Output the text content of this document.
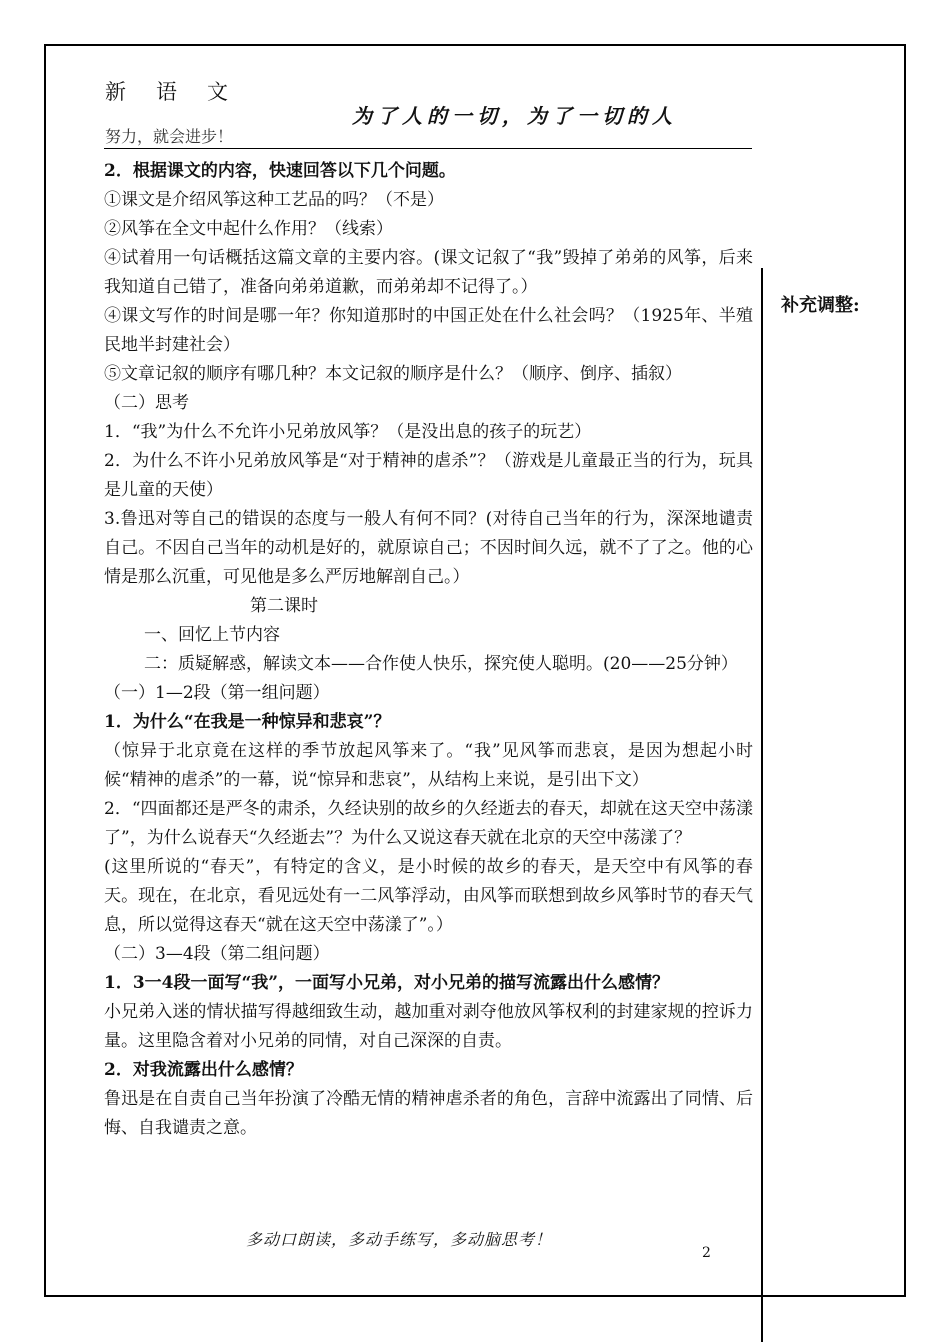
新语文
为了人的一切，为了一切的人
努力，就会进步！
补充调整:

2．根据课文的内容，快速回答以下几个问题。

①课文是介绍风筝这种工艺品的吗？（不是）

②风筝在全文中起什么作用？（线索）

④试着用一句话概括这篇文章的主要内容。(课文记叙了“我”毁掉了弟弟的风筝，后来我知道自己错了，准备向弟弟道歉，而弟弟却不记得了。）

④课文写作的时间是哪一年？你知道那时的中国正处在什么社会吗？（1925年、半殖民地半封建社会）

⑤文章记叙的顺序有哪几种？本文记叙的顺序是什么？（顺序、倒序、插叙）

（二）思考

1．“我”为什么不允许小兄弟放风筝？（是没出息的孩子的玩艺）

2．为什么不许小兄弟放风筝是“对于精神的虐杀”？（游戏是儿童最正当的行为，玩具是儿童的天使）

3.鲁迅对等自己的错误的态度与一般人有何不同？(对待自己当年的行为，深深地谴责自己。不因自己当年的动机是好的，就原谅自己；不因时间久远，就不了了之。他的心情是那么沉重，可见他是多么严厉地解剖自己。）

第二课时

一、回忆上节内容

二：质疑解惑，解读文本——合作使人快乐，探究使人聪明。(20——25分钟）

（一）1—2段（第一组问题）

1．为什么“在我是一种惊异和悲哀”？

（惊异于北京竟在这样的季节放起风筝来了。“我”见风筝而悲哀，是因为想起小时候“精神的虐杀”的一幕，说“惊异和悲哀”，从结构上来说，是引出下文）

2．“四面都还是严冬的肃杀，久经诀别的故乡的久经逝去的春天，却就在这天空中荡漾了”，为什么说春天“久经逝去”？为什么又说这春天就在北京的天空中荡漾了？

(这里所说的“春天”，有特定的含义，是小时候的故乡的春天，是天空中有风筝的春天。现在，在北京，看见远处有一二风筝浮动，由风筝而联想到故乡风筝时节的春天气息，所以觉得这春天“就在这天空中荡漾了”。）

（二）3—4段（第二组问题）

1．3一4段一面写“我”，一面写小兄弟，对小兄弟的描写流露出什么感情？

小兄弟入迷的情状描写得越细致生动，越加重对剥夺他放风筝权利的封建家规的控诉力量。这里隐含着对小兄弟的同情，对自己深深的自责。

2．对我流露出什么感情？

鲁迅是在自责自己当年扮演了冷酷无情的精神虐杀者的角色，言辞中流露出了同情、后悔、自我谴责之意。

多动口朗读，多动手练写，多动脑思考！
2
